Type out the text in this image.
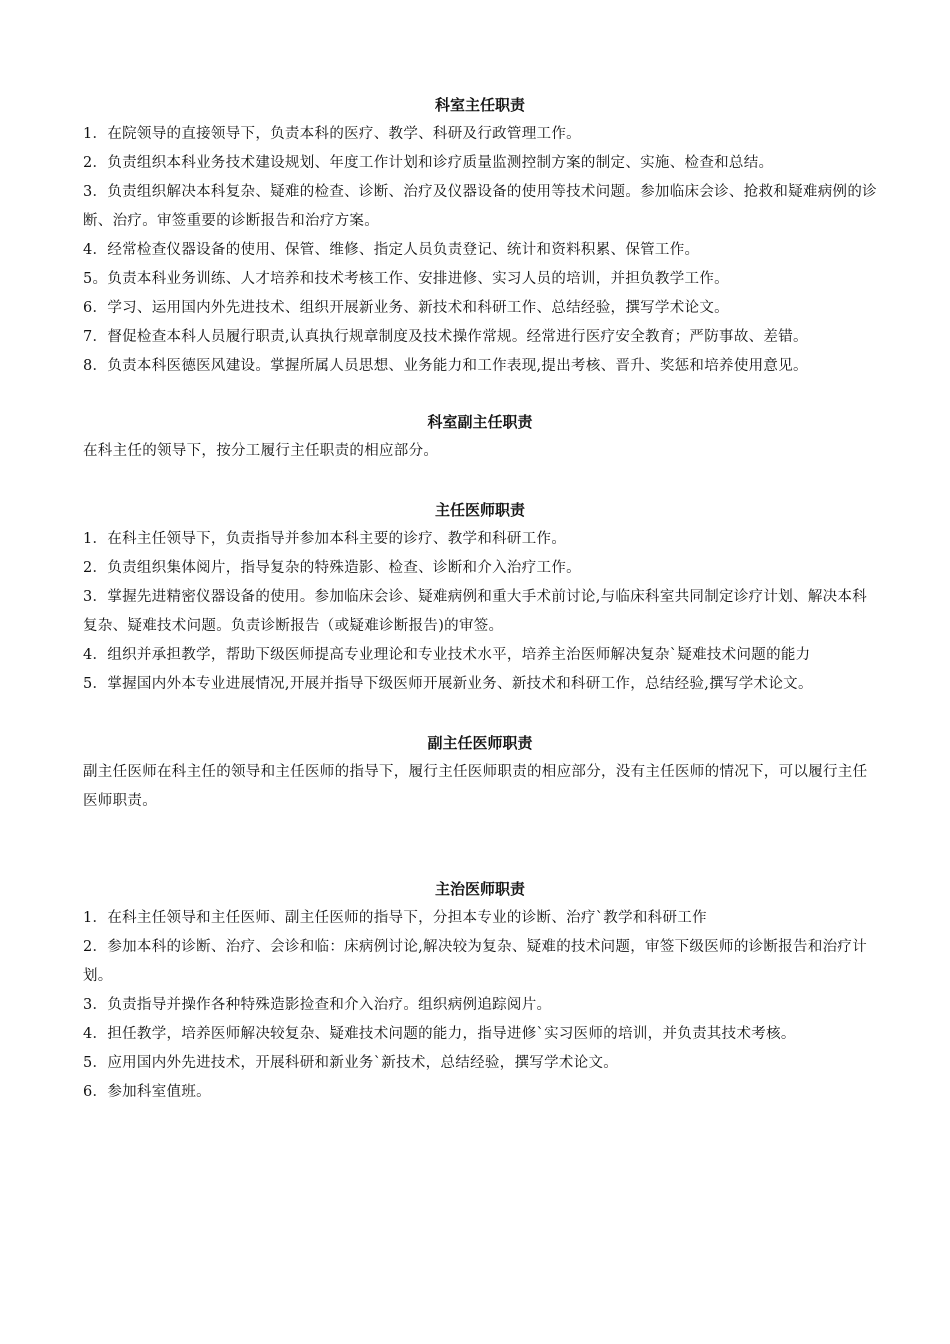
科室主任职责

1．在院领导的直接领导下，负责本科的医疗、教学、科研及行政管理工作。

2．负责组织本科业务技术建设规划、年度工作计划和诊疗质量监测控制方案的制定、实施、检查和总结。

3．负责组织解决本科复杂、疑难的检查、诊断、治疗及仪器设备的使用等技术问题。参加临床会诊、抢救和疑难病例的诊断、治疗。审签重要的诊断报告和治疗方案。

4．经常检查仪器设备的使用、保管、维修、指定人员负责登记、统计和资料积累、保管工作。

5。负责本科业务训练、人才培养和技术考核工作、安排进修、实习人员的培训，并担负教学工作。

6．学习、运用国内外先进技术、组织开展新业务、新技术和科研工作、总结经验，撰写学术论文。

7．督促检查本科人员履行职责,认真执行规章制度及技术操作常规。经常进行医疗安全教育；严防事故、差错。

8．负责本科医德医风建设。掌握所属人员思想、业务能力和工作表现,提出考核、晋升、奖惩和培养使用意见。

科室副主任职责

在科主任的领导下，按分工履行主任职责的相应部分。

主任医师职责

1．在科主任领导下，负责指导并参加本科主要的诊疗、教学和科研工作。

2．负责组织集体阅片，指导复杂的特殊造影、检查、诊断和介入治疗工作。

3．掌握先进精密仪器设备的使用。参加临床会诊、疑难病例和重大手术前讨论,与临床科室共同制定诊疗计划、解决本科复杂、疑难技术问题。负责诊断报告（或疑难诊断报告)的审签。

4．组织并承担教学，帮助下级医师提高专业理论和专业技术水平，培养主治医师解决复杂`疑难技术问题的能力

5．掌握国内外本专业进展情况,开展并指导下级医师开展新业务、新技术和科研工作，总结经验,撰写学术论文。

副主任医师职责

副主任医师在科主任的领导和主任医师的指导下，履行主任医师职责的相应部分，没有主任医师的情况下，可以履行主任医师职责。

主治医师职责

1．在科主任领导和主任医师、副主任医师的指导下，分担本专业的诊断、治疗`教学和科研工作

2．参加本科的诊断、治疗、会诊和临：床病例讨论,解决较为复杂、疑难的技术问题，审签下级医师的诊断报告和治疗计划。

3．负责指导并操作各种特殊造影捡查和介入治疗。组织病例追踪阅片。

4．担任教学，培养医师解决较复杂、疑难技术问题的能力，指导进修`实习医师的培训，并负责其技术考核。

5．应用国内外先进技术，开展科研和新业务`新技术，总结经验，撰写学术论文。

6．参加科室值班。
